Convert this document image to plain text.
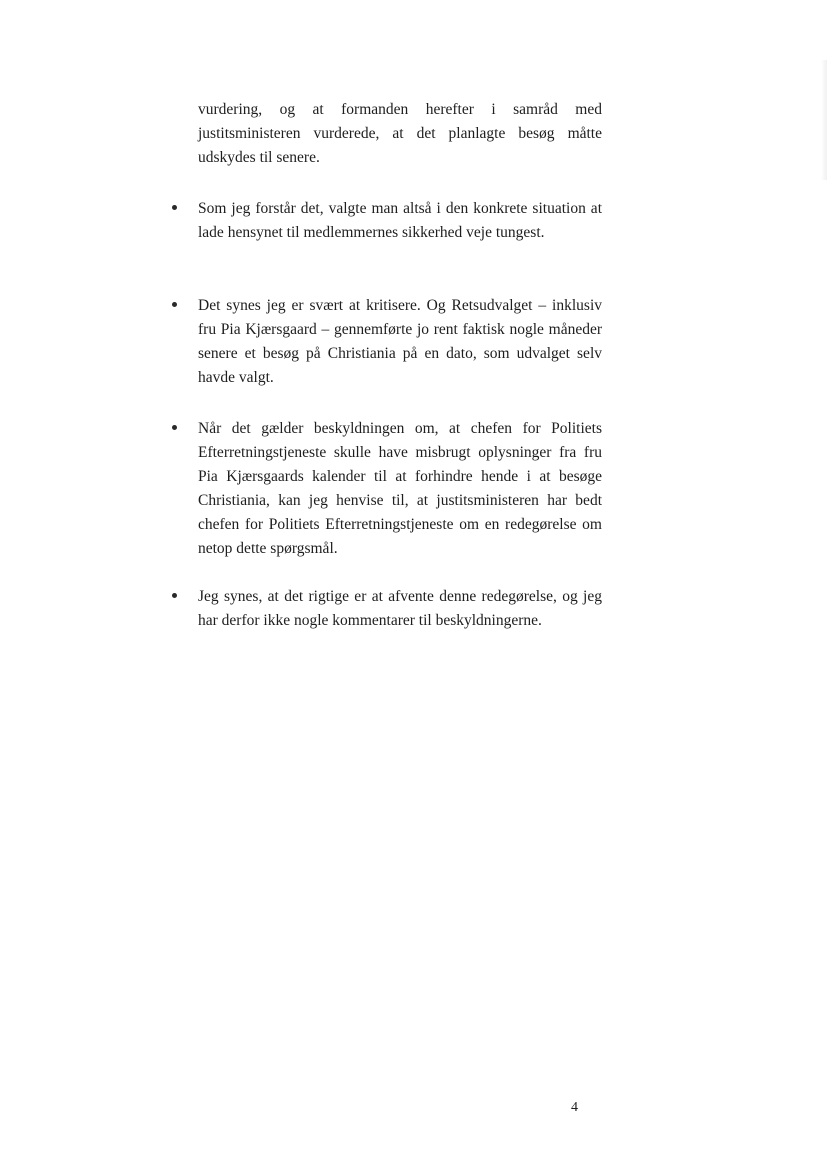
vurdering, og at formanden herefter i samråd med justitsministeren vurderede, at det planlagte besøg måtte udskydes til senere.

Som jeg forstår det, valgte man altså i den konkrete situation at lade hensynet til medlemmernes sikkerhed veje tungest.

Det synes jeg er svært at kritisere. Og Retsudvalget – inklusiv fru Pia Kjærsgaard – gennemførte jo rent faktisk nogle måneder senere et besøg på Christiania på en dato, som udvalget selv havde valgt.

Når det gælder beskyldningen om, at chefen for Politiets Efterretningstjeneste skulle have misbrugt oplysninger fra fru Pia Kjærsgaards kalender til at forhindre hende i at besøge Christiania, kan jeg henvise til, at justitsministeren har bedt chefen for Politiets Efterretningstjeneste om en redegørelse om netop dette spørgsmål.

Jeg synes, at det rigtige er at afvente denne redegørelse, og jeg har derfor ikke nogle kommentarer til beskyldningerne.

4
